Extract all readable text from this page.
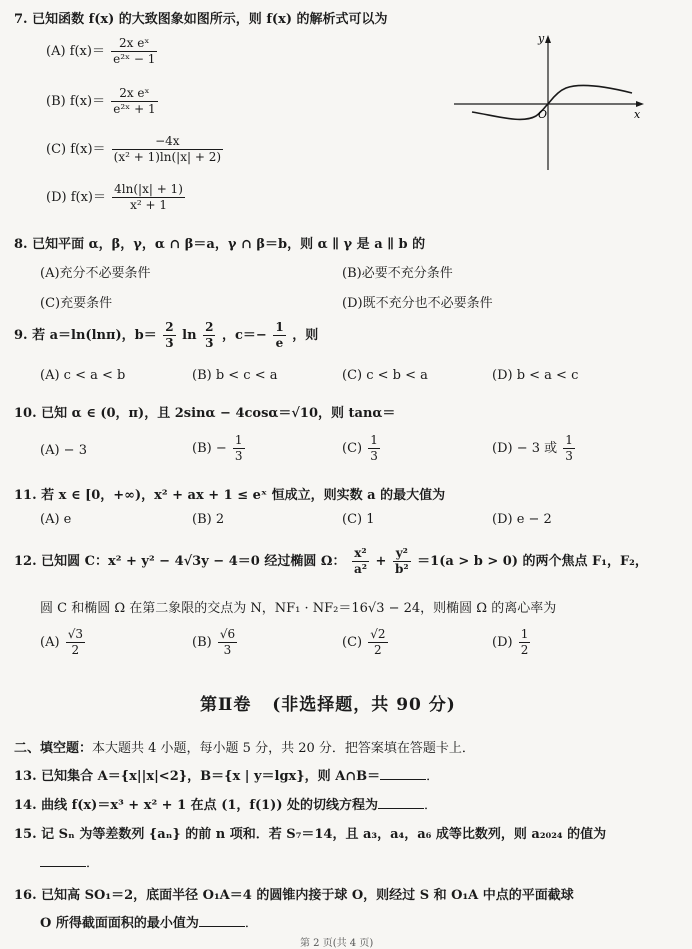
7. 已知函数 f(x) 的大致图象如图所示，则 f(x) 的解析式可以为
(A) $f(x)= \frac{\text{2x eˣ}}{\text{e²ˣ − 1}}$
(B) $f(x)= \frac{\text{2x eˣ}}{\text{e²ˣ + 1}}$
(C) $f(x)= \frac{-4x}{\text{(x² + 1)ln(|x| + 2)}}$
(D) $f(x)= \frac{4\ln(|x| + 1)}{\text{x² + 1}}$
y
x
O
8. 已知平面 α，β，γ，α ∩ β＝a，γ ∩ β＝b，则 α ∥ γ 是 a ∥ b 的
(A)充分不必要条件	(B)必要不充分条件
(C)充要条件	(D)既不充分也不必要条件
9. 若 a＝ln(lnπ)，$b= \frac{2}{3}$ $\ln \frac{2}{3}$ ，$c=- \frac{1}{e}$ ，则
(A) c < a < b	(B) b < c < a	(C) c < b < a	(D) b < a < c
10. 已知 α ∈ (0，π)，且 2sinα − 4cosα＝√10，则 tanα＝
(A) − 3	$(B) - \frac{1}{3}$	$(C) \frac{1}{3}$	(D) − 3 或 $\frac{1}{3}$
11. 若 x ∈ [0，+∞)，x² + ax + 1 ≤ eˣ 恒成立，则实数 a 的最大值为
(A) e	(B) 2	(C) 1	(D) e − 2
12. 已知圆 C：x² + y² − 4√3y − 4＝0 经过椭圆 Ω： $\frac{\text{x²}}{\text{a²}} + \frac{\text{y²}}{\text{b²}} =1(a > b > 0)$ 的两个焦点 F₁，F₂，
圆 C 和椭圆 Ω 在第二象限的交点为 N，NF₁ · NF₂＝16√3 − 24，则椭圆 Ω 的离心率为
$(A) \frac{√3}{2}$	$(B) \frac{√6}{3}$	$(C) \frac{√2}{2}$	$(D) \frac{1}{2}$
第Ⅱ卷 (非选择题，共 90 分)
二、填空题：本大题共 4 小题，每小题 5 分，共 20 分．把答案填在答题卡上．
13. 已知集合 A＝{x||x|<2}，B＝{x | y＝lgx}，则 A∩B＝	．
14. 曲线 f(x)＝x³ + x² + 1 在点 (1，f(1)) 处的切线方程为	．
15. 记 Sₙ 为等差数列 {aₙ} 的前 n 项和．若 S₇＝14，且 a₃，a₄，a₆ 成等比数列，则 a₂₀₂₄ 的值为
．
16. 已知高 SO₁＝2，底面半径 O₁A＝4 的圆锥内接于球 O，则经过 S 和 O₁A 中点的平面截球
O 所得截面面积的最小值为	．
第 2 页(共 4 页)
